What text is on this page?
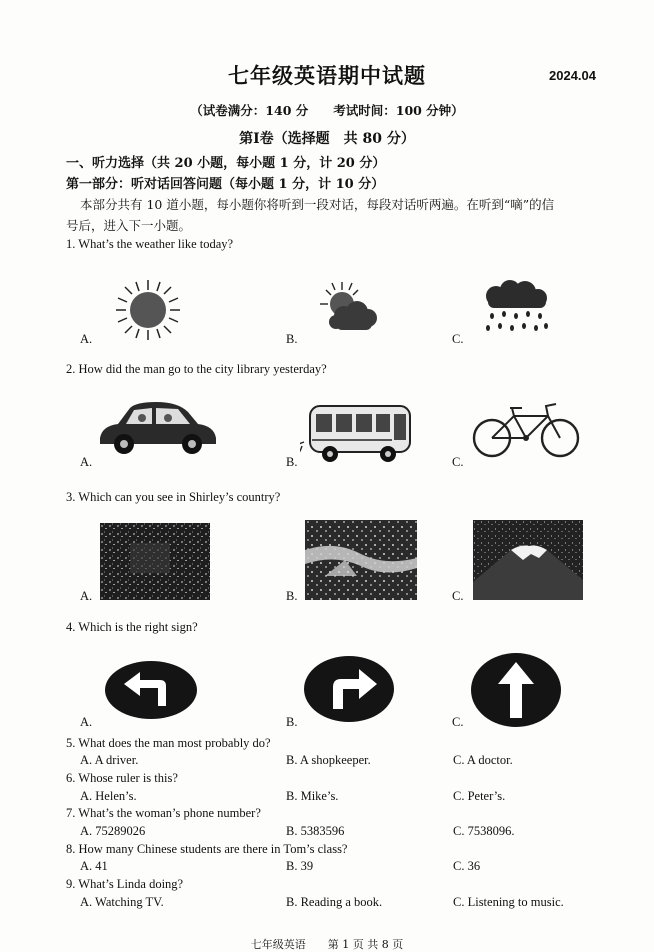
七年级英语期中试题	2024.04
（试卷满分：140 分　　考试时间：100 分钟）
第Ⅰ卷（选择题　共 80 分）
一、听力选择（共 20 小题，每小题 1 分，计 20 分）
第一部分：听对话回答问题（每小题 1 分，计 10 分）
本部分共有 10 道小题，每小题你将听到一段对话，每段对话听两遍。在听到“嘀”的信
号后，进入下一小题。
1. What’s the weather like today?
A.	B.	C.
2. How did the man go to the city library yesterday?
A.	B.	C.
3. Which can you see in Shirley’s country?
A.	B.	C.
4. Which is the right sign?
A.	B.	C.
5. What does the man most probably do?
A. A driver.	B. A shopkeeper.	C. A doctor.
6. Whose ruler is this?
A. Helen’s.	B. Mike’s.	C. Peter’s.
7. What’s the woman’s phone number?
A. 75289026	B. 5383596	C. 7538096.
8. How many Chinese students are there in Tom’s class?
A. 41	B. 39	C. 36
9. What’s Linda doing?
A. Watching TV.	B. Reading a book.	C. Listening to music.
七年级英语　　第 1 页 共 8 页
